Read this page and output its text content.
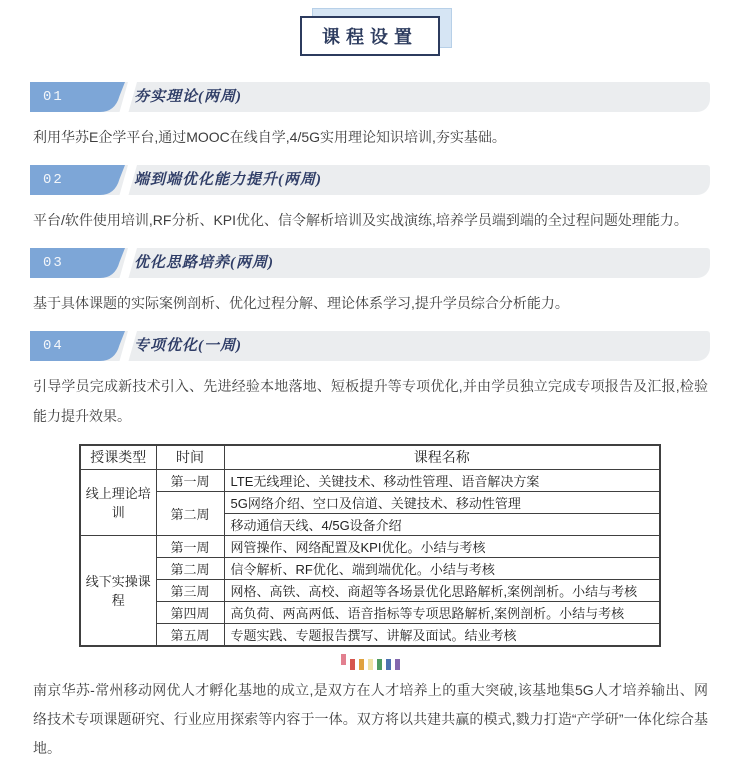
课程设置
01	夯实理论(两周)

利用华苏E企学平台,通过MOOC在线自学,4/5G实用理论知识培训,夯实基础。

02	端到端优化能力提升(两周)

平台/软件使用培训,RF分析、KPI优化、信令解析培训及实战演练,培养学员端到端的全过程问题处理能力。

03	优化思路培养(两周)

基于具体课题的实际案例剖析、优化过程分解、理论体系学习,提升学员综合分析能力。

04	专项优化(一周)

引导学员完成新技术引入、先进经验本地落地、短板提升等专项优化,并由学员独立完成专项报告及汇报,检验能力提升效果。

授课类型	时间	课程名称
线上理论培训	第一周	LTE无线理论、关键技术、移动性管理、语音解决方案
	第二周	5G网络介绍、空口及信道、关键技术、移动性管理
		移动通信天线、4/5G设备介绍
线下实操课程	第一周	网管操作、网络配置及KPI优化。小结与考核
	第二周	信令解析、RF优化、端到端优化。小结与考核
	第三周	网格、高铁、高校、商超等各场景优化思路解析,案例剖析。小结与考核
	第四周	高负荷、两高两低、语音指标等专项思路解析,案例剖析。小结与考核
	第五周	专题实践、专题报告撰写、讲解及面试。结业考核

南京华苏-常州移动网优人才孵化基地的成立,是双方在人才培养上的重大突破,该基地集5G人才培养输出、网络技术专项课题研究、行业应用探索等内容于一体。双方将以共建共赢的模式,戮力打造“产学研”一体化综合基地。
